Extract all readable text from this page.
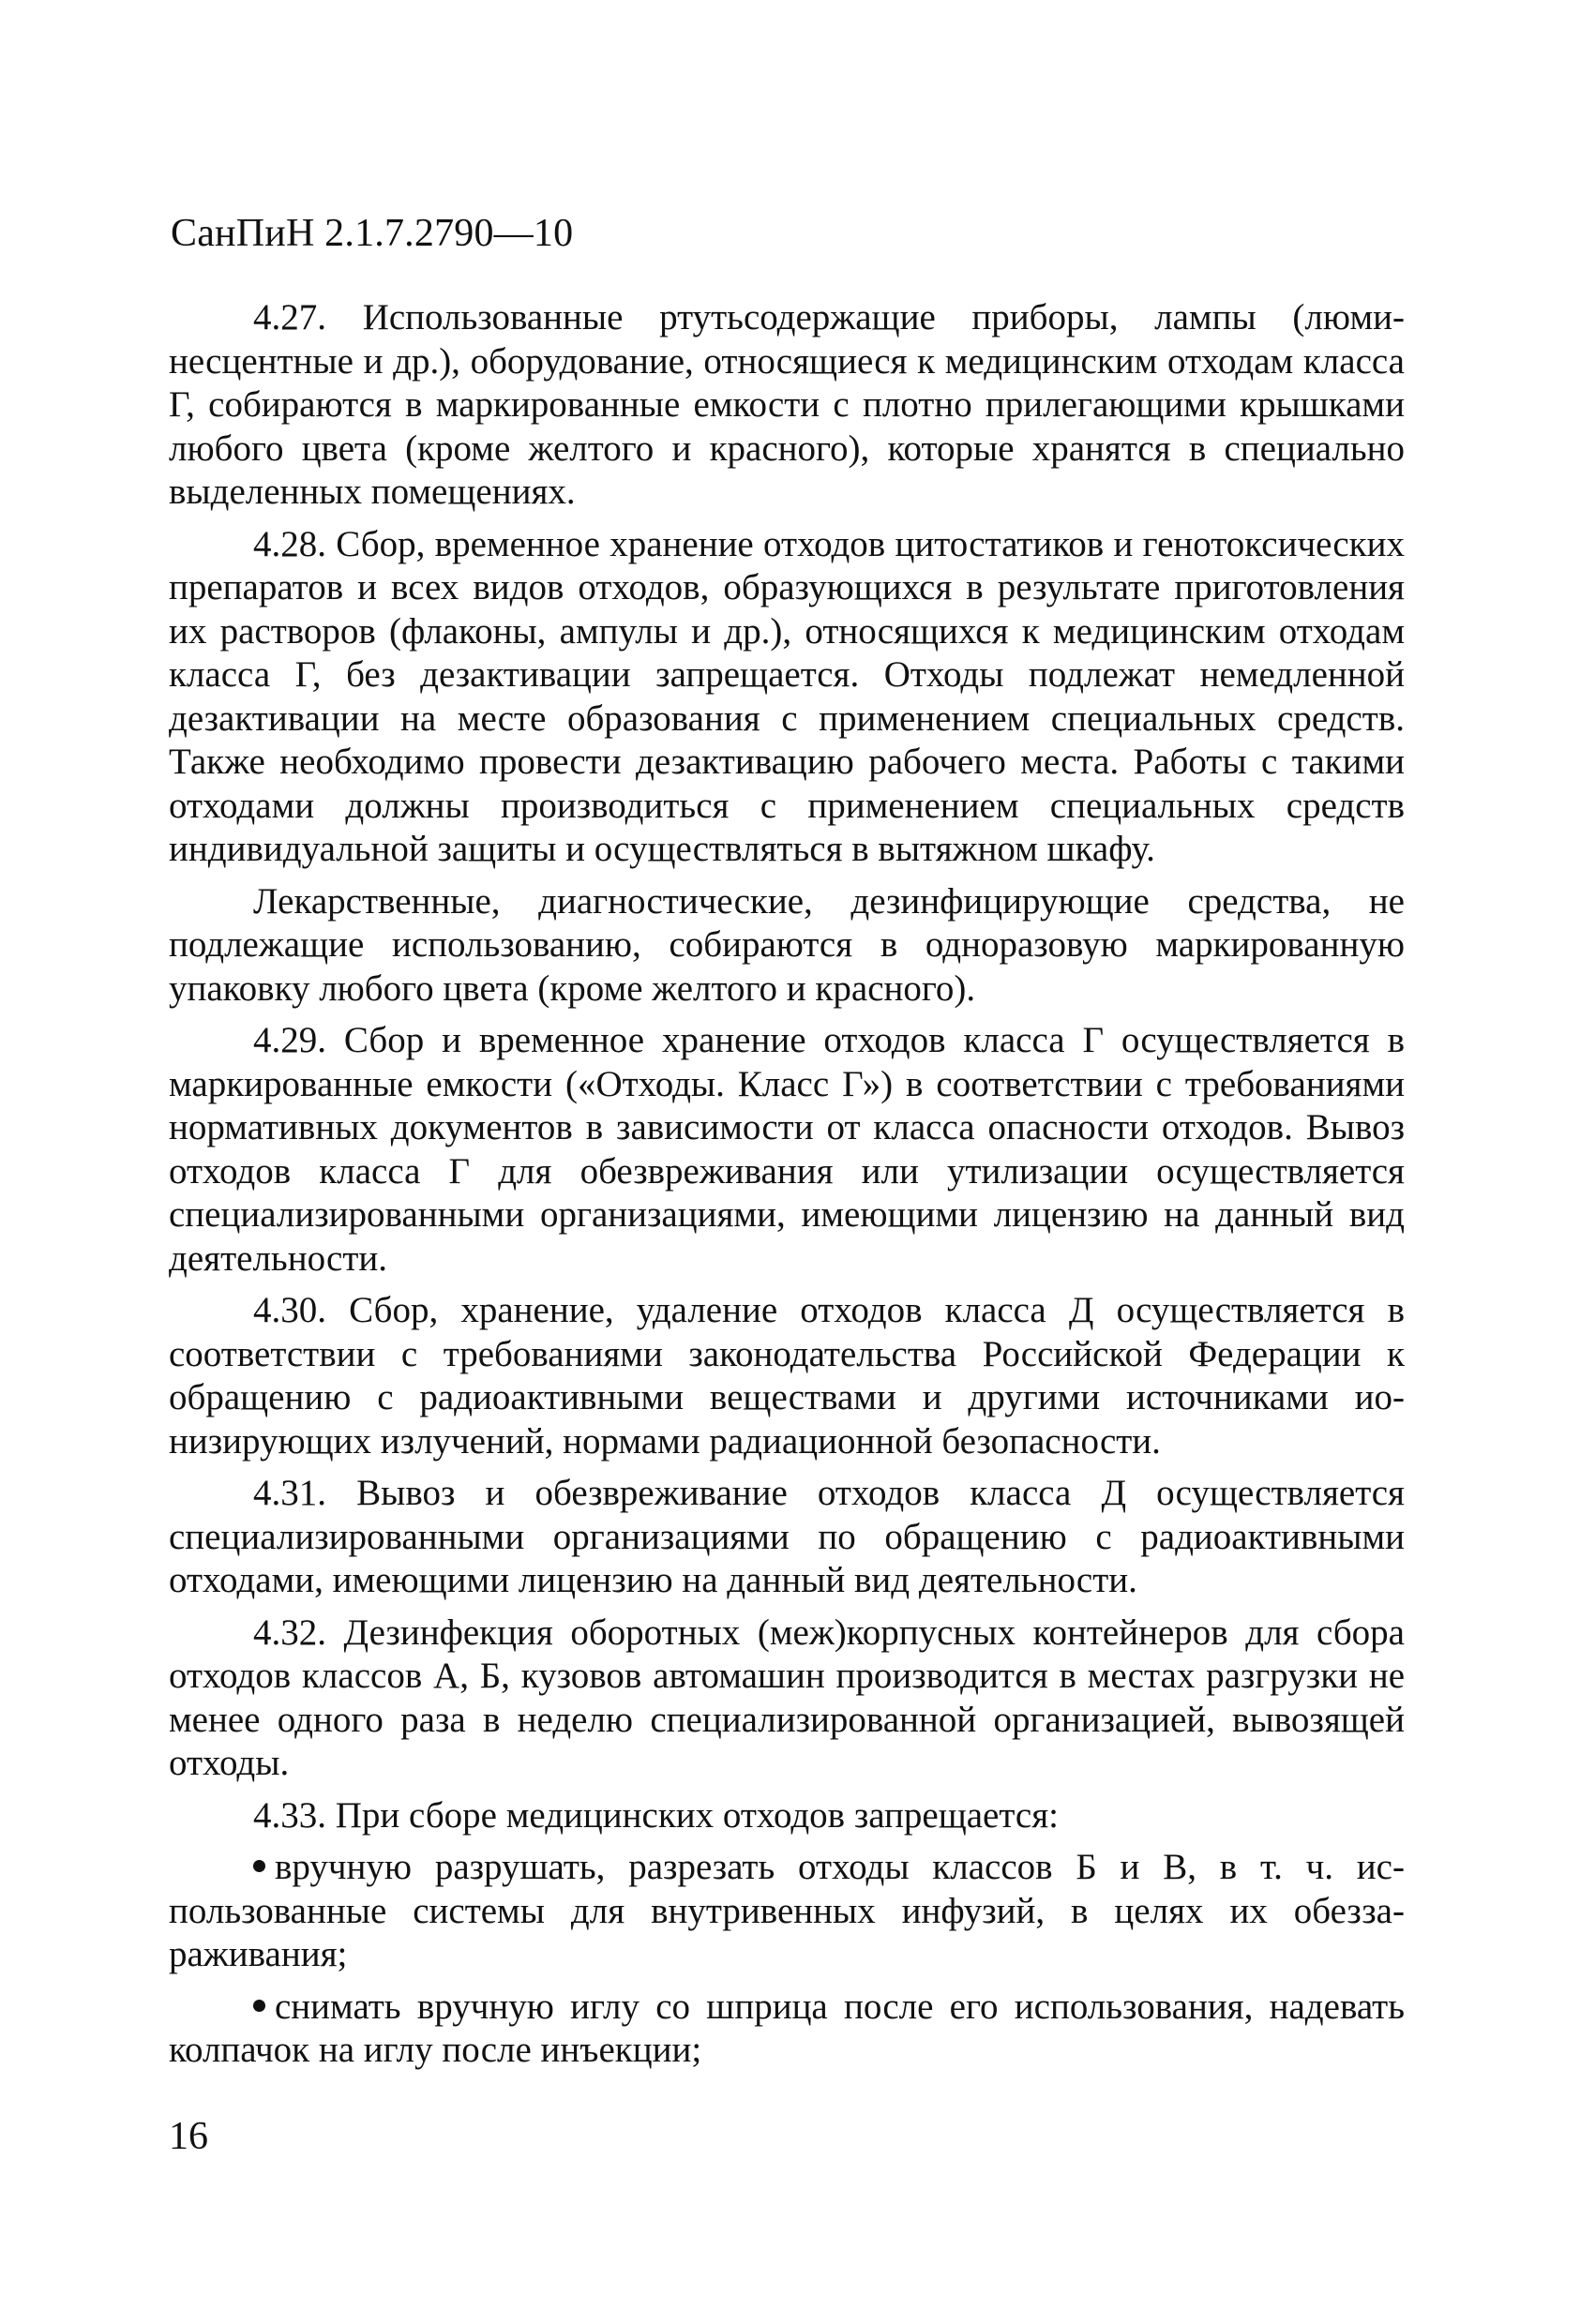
СанПиН 2.1.7.2790—10

4.27. Использованные ртутьсодержащие приборы, лампы (люминесцентные и др.), оборудование, относящиеся к медицинским отходам класса Г, собираются в маркированные емкости с плотно прилегающими крышками любого цвета (кроме желтого и красного), которые хранятся в специально выделенных помещениях.

4.28. Сбор, временное хранение отходов цитостатиков и генотоксических препаратов и всех видов отходов, образующихся в результате приготовления их растворов (флаконы, ампулы и др.), относящихся к медицинским отходам класса Г, без дезактивации запрещается. Отходы подлежат немедленной дезактивации на месте образования с применением специальных средств. Также необходимо провести дезактивацию рабочего места. Работы с такими отходами должны производиться с применением специальных средств индивидуальной защиты и осуществляться в вытяжном шкафу.

Лекарственные, диагностические, дезинфицирующие средства, не подлежащие использованию, собираются в одноразовую маркированную упаковку любого цвета (кроме желтого и красного).

4.29. Сбор и временное хранение отходов класса Г осуществляется в маркированные емкости («Отходы. Класс Г») в соответствии с требованиями нормативных документов в зависимости от класса опасности отходов. Вывоз отходов класса Г для обезвреживания или утилизации осуществляется специализированными организациями, имеющими лицензию на данный вид деятельности.

4.30. Сбор, хранение, удаление отходов класса Д осуществляется в соответствии с требованиями законодательства Российской Федерации к обращению с радиоактивными веществами и другими источниками ионизирующих излучений, нормами радиационной безопасности.

4.31. Вывоз и обезвреживание отходов класса Д осуществляется специализированными организациями по обращению с радиоактивными отходами, имеющими лицензию на данный вид деятельности.

4.32. Дезинфекция оборотных (меж)корпусных контейнеров для сбора отходов классов А, Б, кузовов автомашин производится в местах разгрузки не менее одного раза в неделю специализированной организацией, вывозящей отходы.

4.33. При сборе медицинских отходов запрещается:

вручную разрушать, разрезать отходы классов Б и В, в т. ч. использованные системы для внутривенных инфузий, в целях их обеззараживания;

снимать вручную иглу со шприца после его использования, надевать колпачок на иглу после инъекции;

16
